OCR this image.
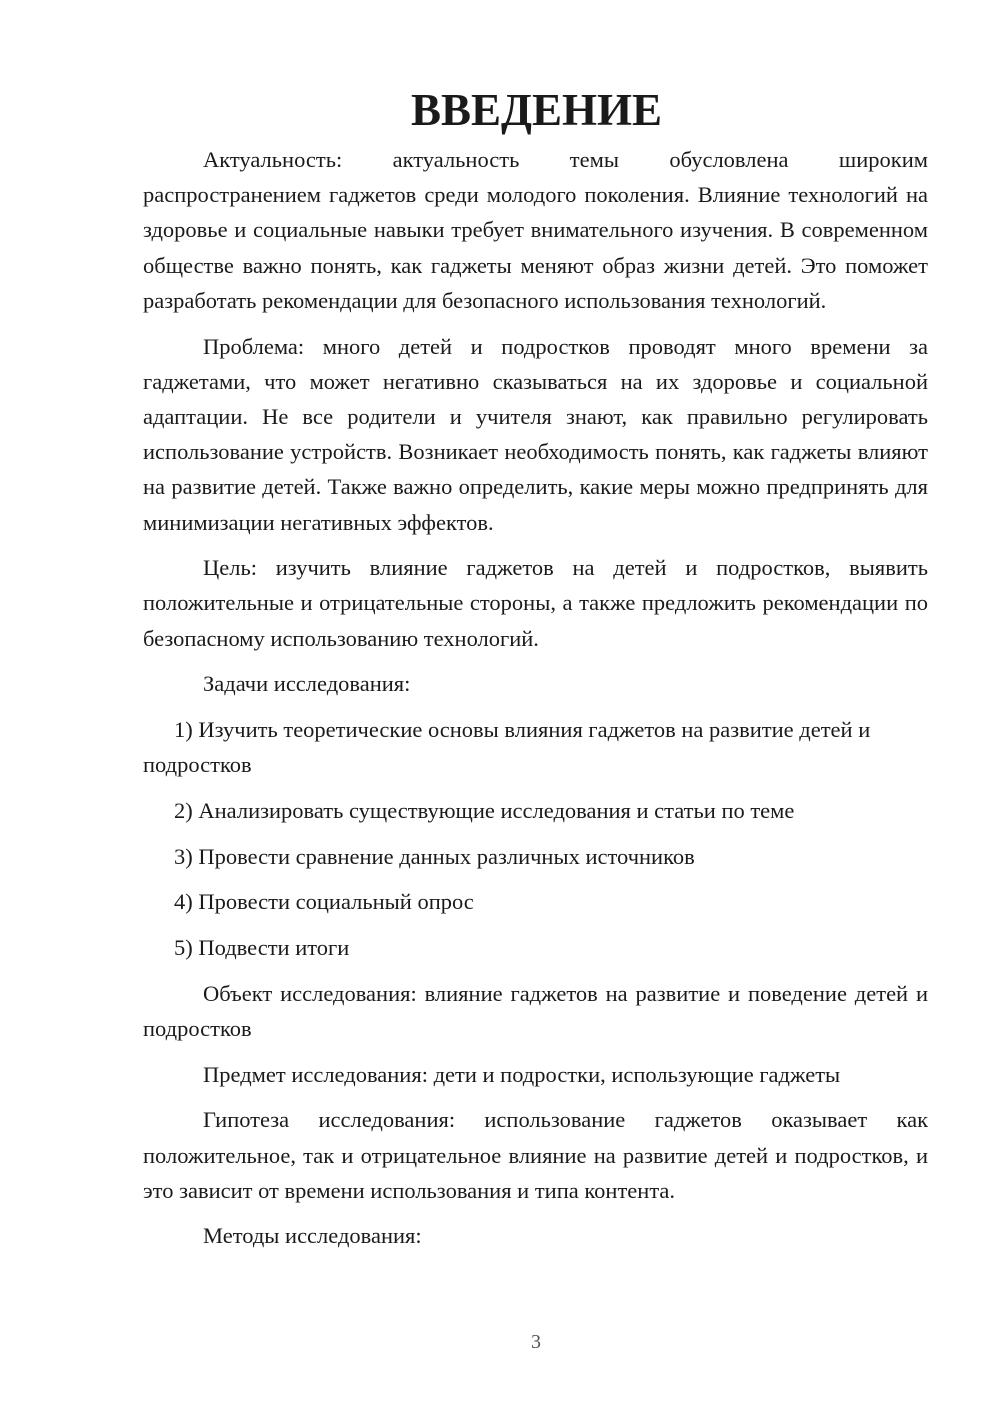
ВВЕДЕНИЕ

Актуальность: актуальность темы обусловлена широким распространением гаджетов среди молодого поколения. Влияние технологий на здоровье и социальные навыки требует внимательного изучения. В современном обществе важно понять, как гаджеты меняют образ жизни детей. Это поможет разработать рекомендации для безопасного использования технологий.

Проблема: много детей и подростков проводят много времени за гаджетами, что может негативно сказываться на их здоровье и социальной адаптации. Не все родители и учителя знают, как правильно регулировать использование устройств. Возникает необходимость понять, как гаджеты влияют на развитие детей. Также важно определить, какие меры можно предпринять для минимизации негативных эффектов.

Цель: изучить влияние гаджетов на детей и подростков, выявить положительные и отрицательные стороны, а также предложить рекомендации по безопасному использованию технологий.

Задачи исследования:

1) Изучить теоретические основы влияния гаджетов на развитие детей и подростков

2) Анализировать существующие исследования и статьи по теме

3) Провести сравнение данных различных источников

4) Провести социальный опрос

5) Подвести итоги

Объект исследования: влияние гаджетов на развитие и поведение детей и подростков

Предмет исследования: дети и подростки, использующие гаджеты

Гипотеза исследования: использование гаджетов оказывает как положительное, так и отрицательное влияние на развитие детей и подростков, и это зависит от времени использования и типа контента.

Методы исследования:

3
